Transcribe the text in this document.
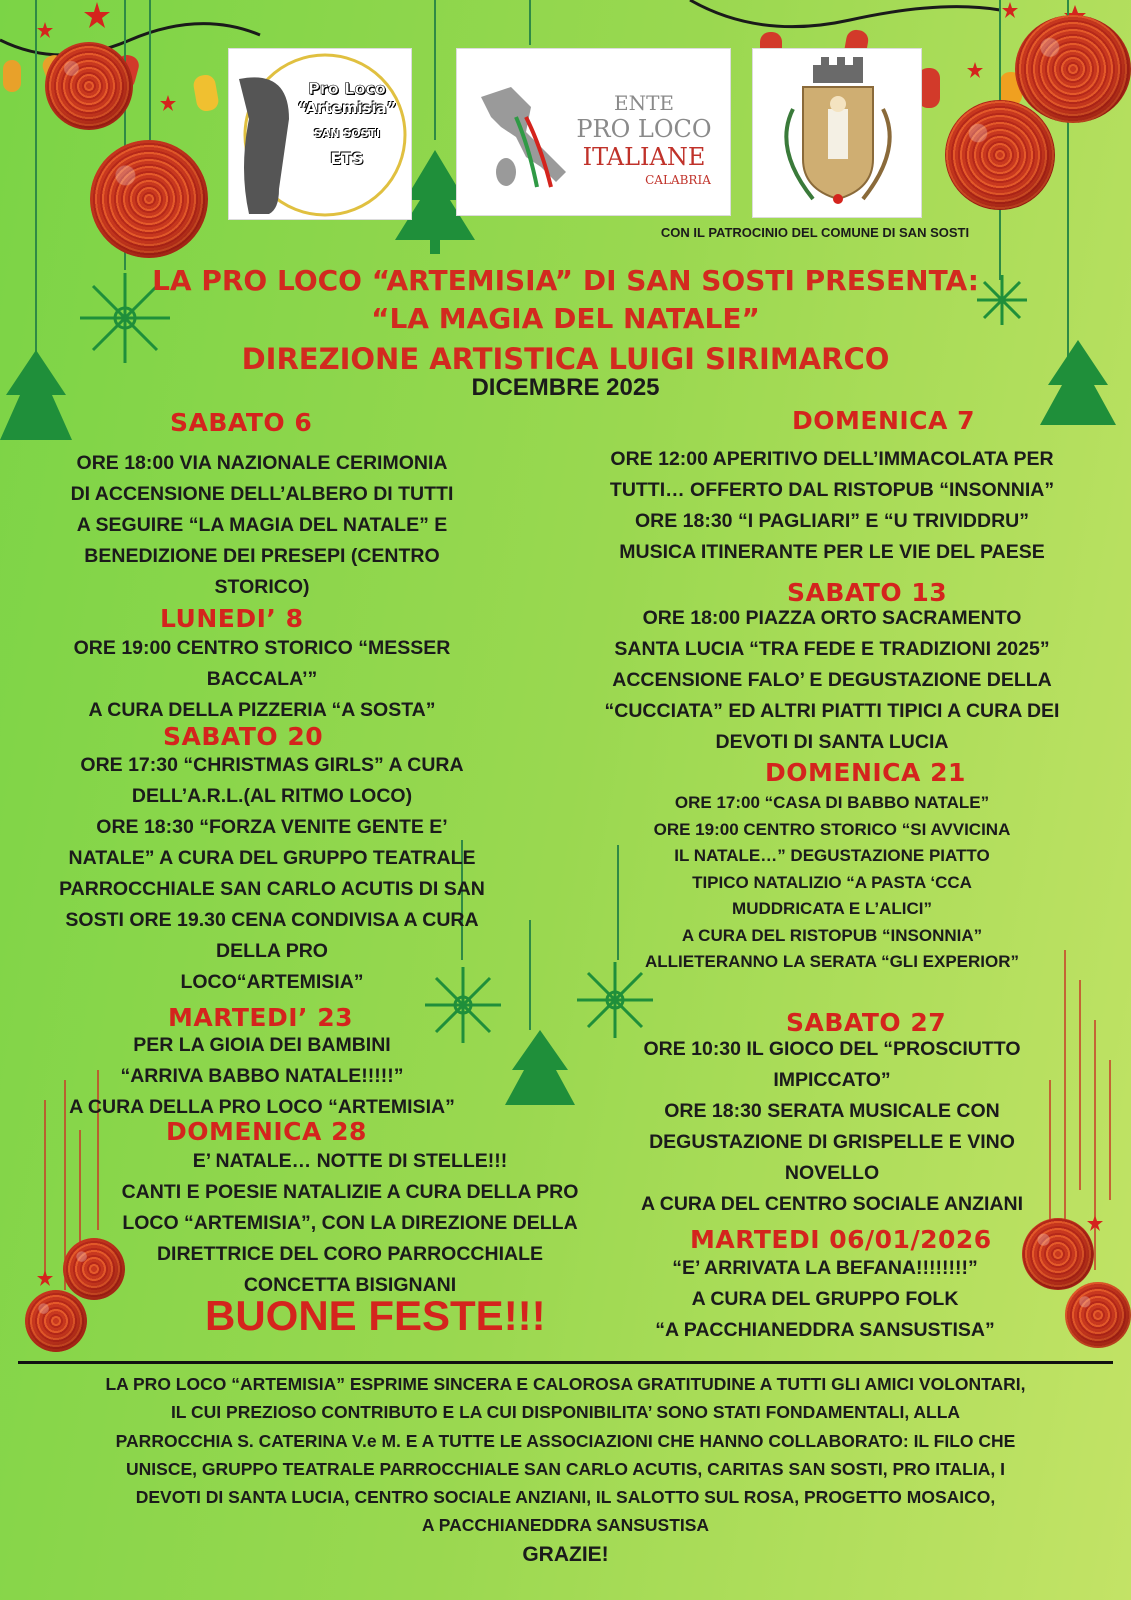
Pro Loco
“Artemisia”
SAN SOSTI
ETS
ENTE
PRO LOCO
ITALIANE
CALABRIA
CON IL PATROCINIO DEL COMUNE DI SAN SOSTI
LA PRO LOCO “ARTEMISIA” DI SAN SOSTI PRESENTA:
“LA MAGIA DEL NATALE”
DIREZIONE ARTISTICA LUIGI SIRIMARCO
DICEMBRE 2025
SABATO 6
ORE 18:00 VIA NAZIONALE CERIMONIA
DI ACCENSIONE DELL’ALBERO DI TUTTI
A SEGUIRE “LA MAGIA DEL NATALE” E
BENEDIZIONE DEI PRESEPI (CENTRO
STORICO)
LUNEDI’ 8
ORE 19:00 CENTRO STORICO “MESSER
BACCALA’”
A CURA DELLA PIZZERIA “A SOSTA”
SABATO 20
ORE 17:30 “CHRISTMAS GIRLS” A CURA
DELL’A.R.L.(AL RITMO LOCO)
ORE 18:30 “FORZA VENITE GENTE E’
NATALE” A CURA DEL GRUPPO TEATRALE
PARROCCHIALE SAN CARLO ACUTIS DI SAN
SOSTI ORE 19.30 CENA CONDIVISA A CURA
DELLA PRO
LOCO“ARTEMISIA”
MARTEDI’ 23
PER LA GIOIA DEI BAMBINI
“ARRIVA BABBO NATALE!!!!!”
A CURA DELLA PRO LOCO “ARTEMISIA”
DOMENICA 28
E’ NATALE… NOTTE DI STELLE!!!
CANTI E POESIE NATALIZIE A CURA DELLA PRO
LOCO “ARTEMISIA”, CON LA DIREZIONE DELLA
DIRETTRICE DEL CORO PARROCCHIALE
CONCETTA BISIGNANI
BUONE FESTE!!!
DOMENICA 7
ORE 12:00 APERITIVO DELL’IMMACOLATA PER
TUTTI… OFFERTO DAL RISTOPUB “INSONNIA”
ORE 18:30 “I PAGLIARI” E “U TRIVIDDRU”
MUSICA ITINERANTE PER LE VIE DEL PAESE
SABATO 13
ORE 18:00 PIAZZA ORTO SACRAMENTO
SANTA LUCIA “TRA FEDE E TRADIZIONI 2025”
ACCENSIONE FALO’ E DEGUSTAZIONE DELLA
“CUCCIATA” ED ALTRI PIATTI TIPICI A CURA DEI
DEVOTI DI SANTA LUCIA
DOMENICA 21
ORE 17:00 “CASA DI BABBO NATALE”
ORE 19:00 CENTRO STORICO “SI AVVICINA
IL NATALE…” DEGUSTAZIONE PIATTO
TIPICO NATALIZIO “A PASTA ‘CCA
MUDDRICATA E L’ALICI”
A CURA DEL RISTOPUB “INSONNIA”
ALLIETERANNO LA SERATA “GLI EXPERIOR”
SABATO 27
ORE 10:30 IL GIOCO DEL “PROSCIUTTO
IMPICCATO”
ORE 18:30 SERATA MUSICALE CON
DEGUSTAZIONE DI GRISPELLE E VINO
NOVELLO
A CURA DEL CENTRO SOCIALE ANZIANI
MARTEDI 06/01/2026
“E’ ARRIVATA LA BEFANA!!!!!!!!”
A CURA DEL GRUPPO FOLK
“A PACCHIANEDDRA SANSUSTISA”
LA PRO LOCO “ARTEMISIA” ESPRIME SINCERA E CALOROSA GRATITUDINE A TUTTI GLI AMICI VOLONTARI,
IL CUI PREZIOSO CONTRIBUTO E LA CUI DISPONIBILITA’ SONO STATI FONDAMENTALI, ALLA
PARROCCHIA S. CATERINA V.e M. E A TUTTE LE ASSOCIAZIONI CHE HANNO COLLABORATO: IL FILO CHE
UNISCE, GRUPPO TEATRALE PARROCCHIALE SAN CARLO ACUTIS, CARITAS SAN SOSTI, PRO ITALIA, I
DEVOTI DI SANTA LUCIA, CENTRO SOCIALE ANZIANI, IL SALOTTO SUL ROSA, PROGETTO MOSAICO,
A PACCHIANEDDRA SANSUSTISA
GRAZIE!
